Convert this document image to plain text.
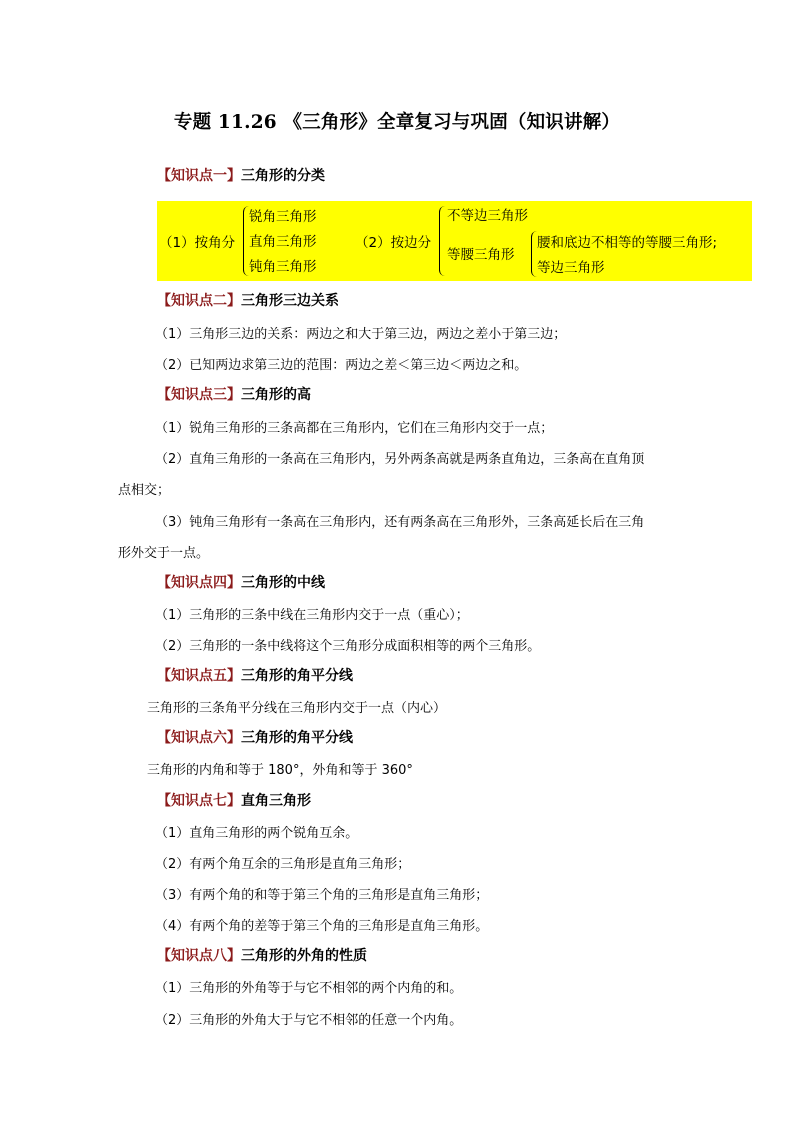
专题 11.26 《三角形》全章复习与巩固（知识讲解）
【知识点一】三角形的分类
（1）按角分
锐角三角形
直角三角形
钝角三角形
（2）按边分
不等边三角形
等腰三角形
腰和底边不相等的等腰三角形;
等边三角形
【知识点二】三角形三边关系
（1）三角形三边的关系：两边之和大于第三边，两边之差小于第三边；
（2）已知两边求第三边的范围：两边之差＜第三边＜两边之和。
【知识点三】三角形的高
（1）锐角三角形的三条高都在三角形内，它们在三角形内交于一点；
（2）直角三角形的一条高在三角形内，另外两条高就是两条直角边，三条高在直角顶
点相交；
（3）钝角三角形有一条高在三角形内，还有两条高在三角形外，三条高延长后在三角
形外交于一点。
【知识点四】三角形的中线
（1）三角形的三条中线在三角形内交于一点（重心）；
（2）三角形的一条中线将这个三角形分成面积相等的两个三角形。
【知识点五】三角形的角平分线
三角形的三条角平分线在三角形内交于一点（内心）
【知识点六】三角形的角平分线
三角形的内角和等于 180°，外角和等于 360°
【知识点七】直角三角形
（1）直角三角形的两个锐角互余。
（2）有两个角互余的三角形是直角三角形；
（3）有两个角的和等于第三个角的三角形是直角三角形；
（4）有两个角的差等于第三个角的三角形是直角三角形。
【知识点八】三角形的外角的性质
（1）三角形的外角等于与它不相邻的两个内角的和。
（2）三角形的外角大于与它不相邻的任意一个内角。
